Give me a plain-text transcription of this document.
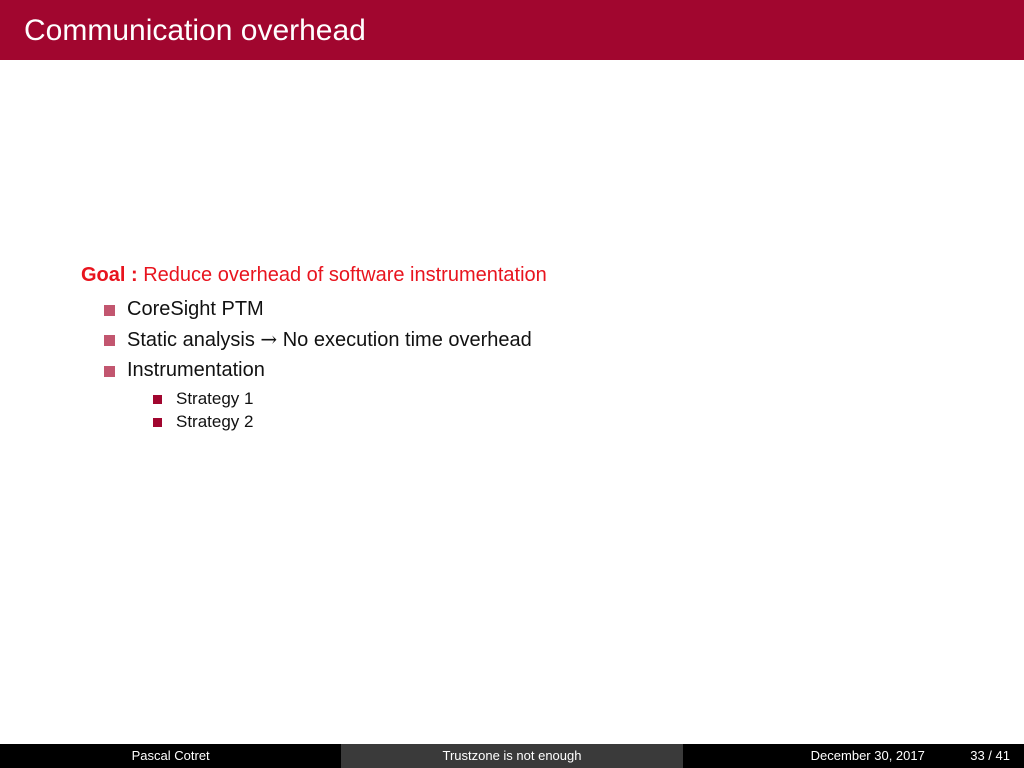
Communication overhead
Goal : Reduce overhead of software instrumentation
CoreSight PTM
Static analysis → No execution time overhead
Instrumentation
Strategy 1
Strategy 2
Pascal Cotret	Trustzone is not enough	December 30, 2017	33 / 41
